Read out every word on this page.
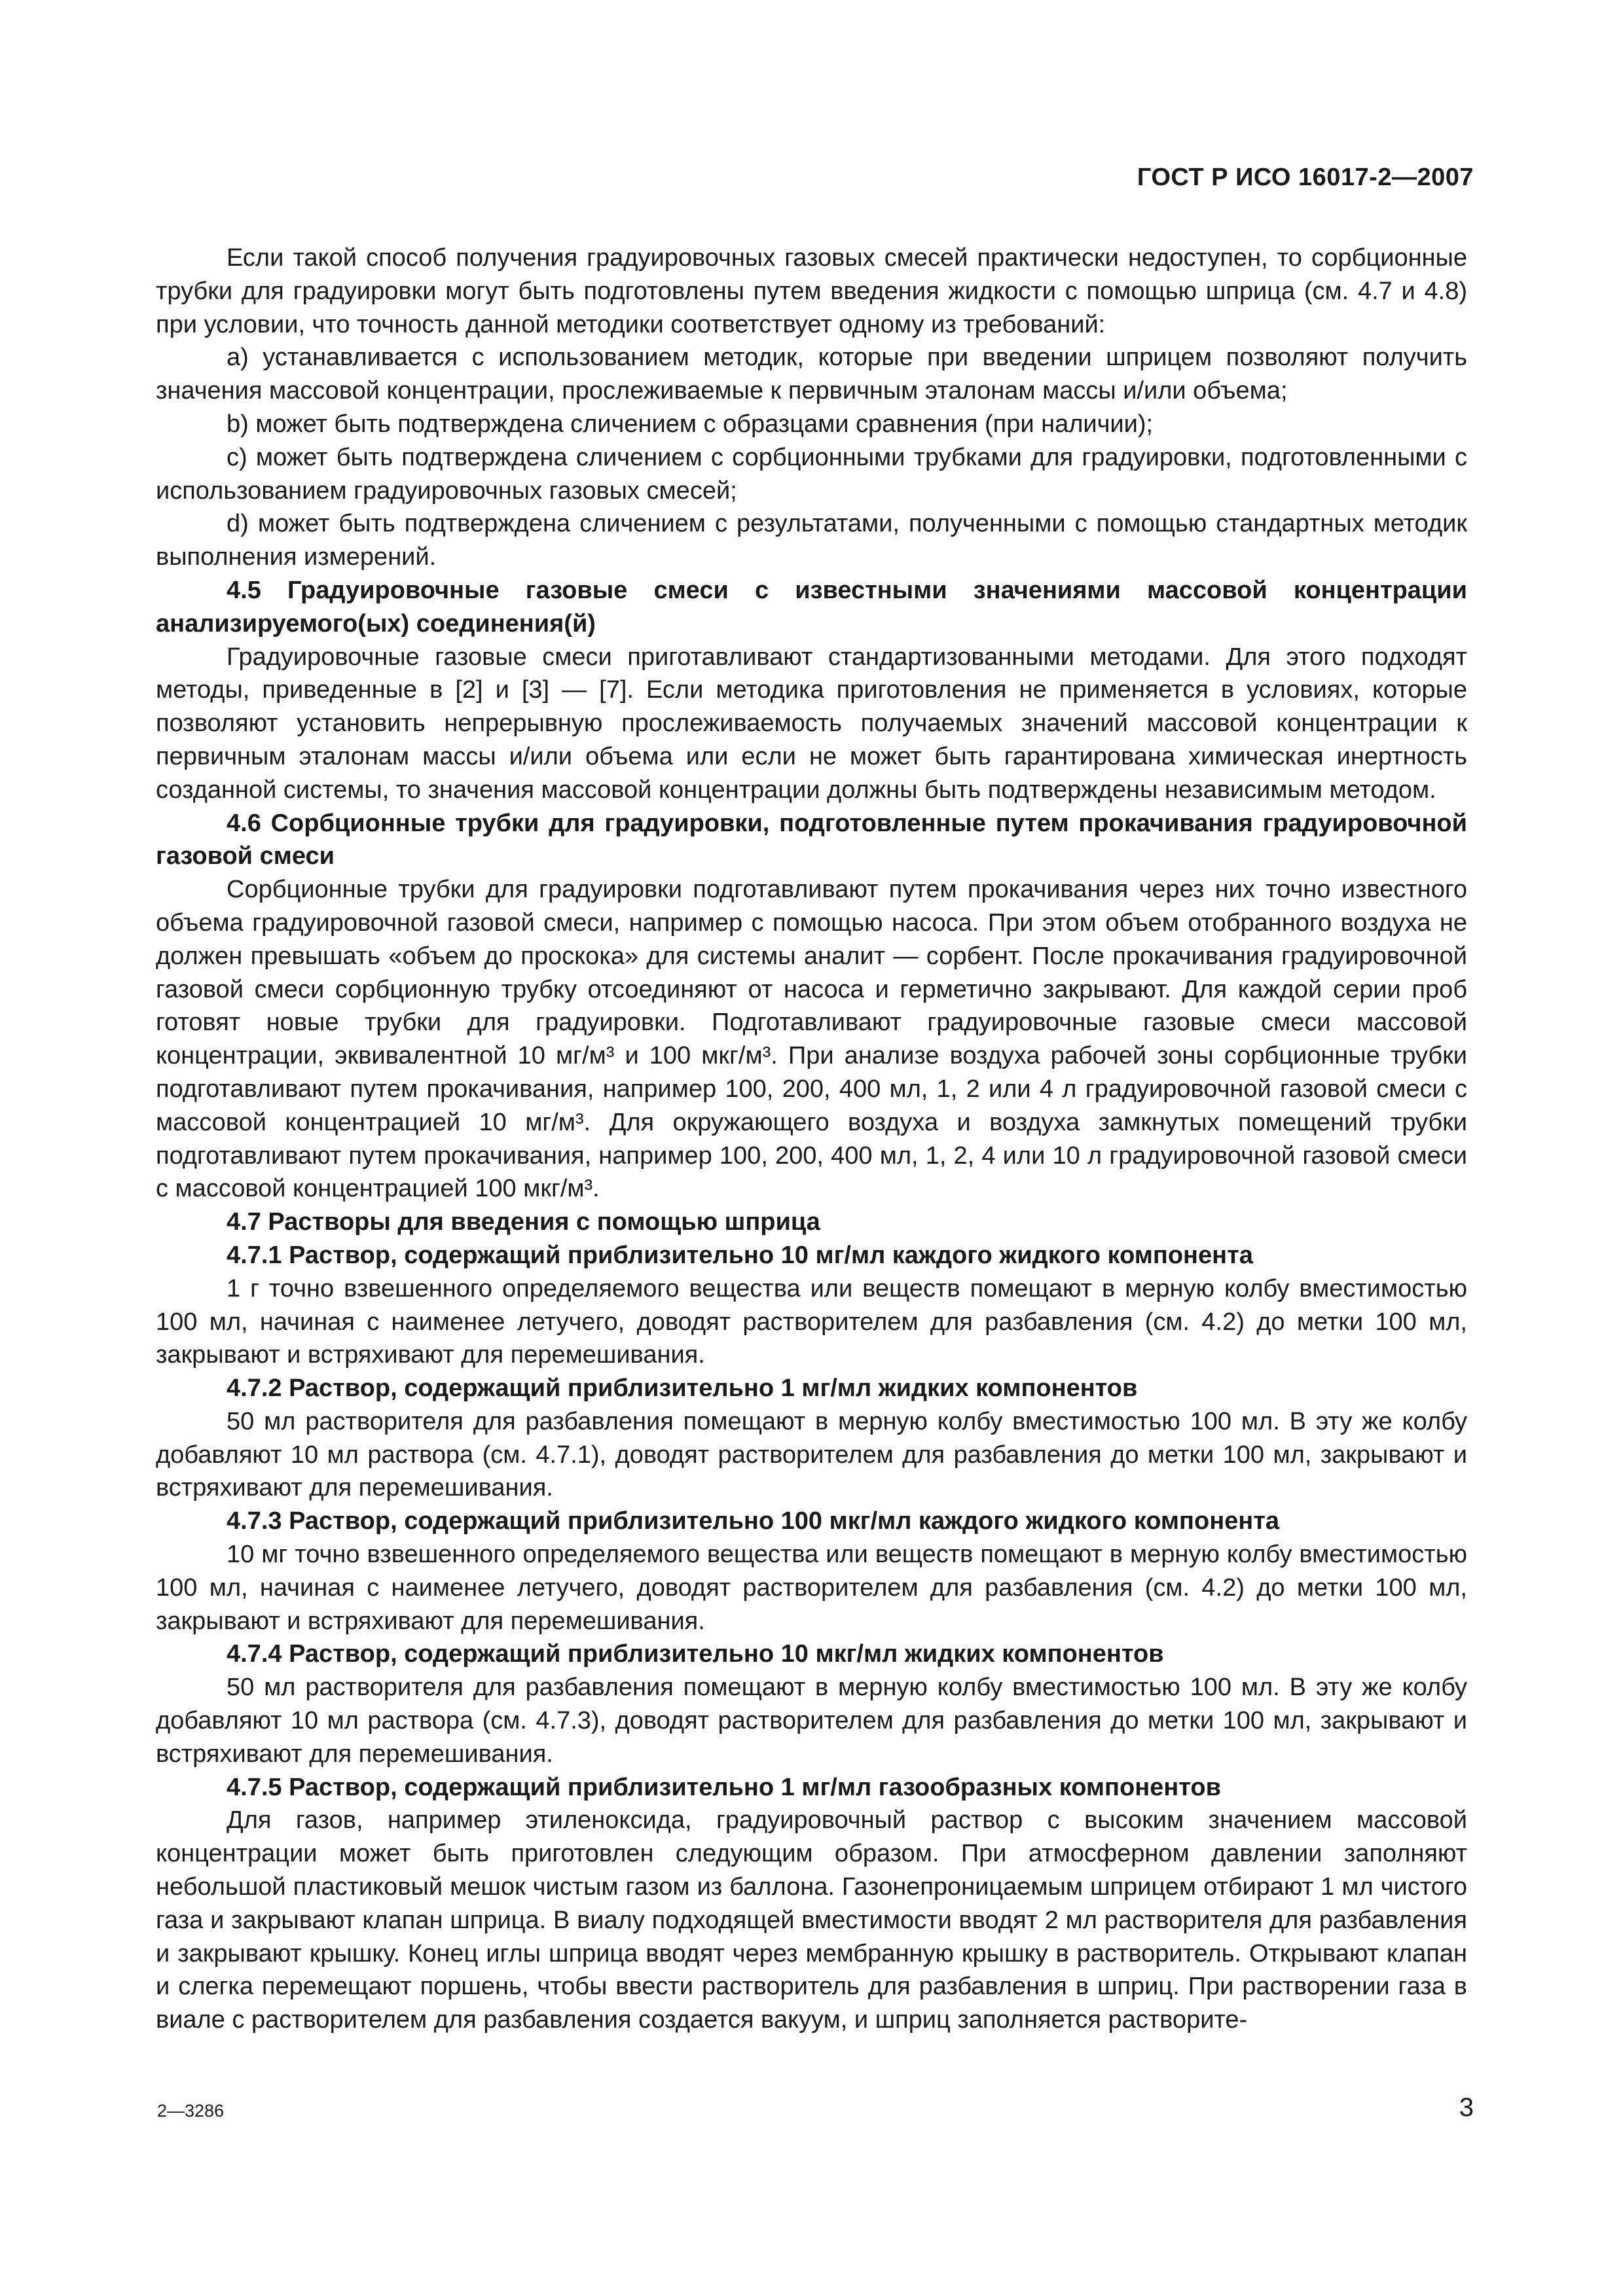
ГОСТ Р ИСО 16017-2—2007

Если такой способ получения градуировочных газовых смесей практически недоступен, то сорбционные трубки для градуировки могут быть подготовлены путем введения жидкости с помощью шприца (см. 4.7 и 4.8) при условии, что точность данной методики соответствует одному из требований:

a) устанавливается с использованием методик, которые при введении шприцем позволяют получить значения массовой концентрации, прослеживаемые к первичным эталонам массы и/или объема;

b) может быть подтверждена сличением с образцами сравнения (при наличии);

c) может быть подтверждена сличением с сорбционными трубками для градуировки, подготовленными с использованием градуировочных газовых смесей;

d) может быть подтверждена сличением с результатами, полученными с помощью стандартных методик выполнения измерений.

4.5 Градуировочные газовые смеси с известными значениями массовой концентрации анализируемого(ых) соединения(й)

Градуировочные газовые смеси приготавливают стандартизованными методами. Для этого подходят методы, приведенные в [2] и [3] — [7]. Если методика приготовления не применяется в условиях, которые позволяют установить непрерывную прослеживаемость получаемых значений массовой концентрации к первичным эталонам массы и/или объема или если не может быть гарантирована химическая инертность созданной системы, то значения массовой концентрации должны быть подтверждены независимым методом.

4.6 Сорбционные трубки для градуировки, подготовленные путем прокачивания градуировочной газовой смеси

Сорбционные трубки для градуировки подготавливают путем прокачивания через них точно известного объема градуировочной газовой смеси, например с помощью насоса. При этом объем отобранного воздуха не должен превышать «объем до проскока» для системы аналит — сорбент. После прокачивания градуировочной газовой смеси сорбционную трубку отсоединяют от насоса и герметично закрывают. Для каждой серии проб готовят новые трубки для градуировки. Подготавливают градуировочные газовые смеси массовой концентрации, эквивалентной 10 мг/м³ и 100 мкг/м³. При анализе воздуха рабочей зоны сорбционные трубки подготавливают путем прокачивания, например 100, 200, 400 мл, 1, 2 или 4 л градуировочной газовой смеси с массовой концентрацией 10 мг/м³. Для окружающего воздуха и воздуха замкнутых помещений трубки подготавливают путем прокачивания, например 100, 200, 400 мл, 1, 2, 4 или 10 л градуировочной газовой смеси с массовой концентрацией 100 мкг/м³.

4.7 Растворы для введения с помощью шприца

4.7.1 Раствор, содержащий приблизительно 10 мг/мл каждого жидкого компонента

1 г точно взвешенного определяемого вещества или веществ помещают в мерную колбу вместимостью 100 мл, начиная с наименее летучего, доводят растворителем для разбавления (см. 4.2) до метки 100 мл, закрывают и встряхивают для перемешивания.

4.7.2 Раствор, содержащий приблизительно 1 мг/мл жидких компонентов

50 мл растворителя для разбавления помещают в мерную колбу вместимостью 100 мл. В эту же колбу добавляют 10 мл раствора (см. 4.7.1), доводят растворителем для разбавления до метки 100 мл, закрывают и встряхивают для перемешивания.

4.7.3 Раствор, содержащий приблизительно 100 мкг/мл каждого жидкого компонента

10 мг точно взвешенного определяемого вещества или веществ помещают в мерную колбу вместимостью 100 мл, начиная с наименее летучего, доводят растворителем для разбавления (см. 4.2) до метки 100 мл, закрывают и встряхивают для перемешивания.

4.7.4 Раствор, содержащий приблизительно 10 мкг/мл жидких компонентов

50 мл растворителя для разбавления помещают в мерную колбу вместимостью 100 мл. В эту же колбу добавляют 10 мл раствора (см. 4.7.3), доводят растворителем для разбавления до метки 100 мл, закрывают и встряхивают для перемешивания.

4.7.5 Раствор, содержащий приблизительно 1 мг/мл газообразных компонентов

Для газов, например этиленоксида, градуировочный раствор с высоким значением массовой концентрации может быть приготовлен следующим образом. При атмосферном давлении заполняют небольшой пластиковый мешок чистым газом из баллона. Газонепроницаемым шприцем отбирают 1 мл чистого газа и закрывают клапан шприца. В виалу подходящей вместимости вводят 2 мл растворителя для разбавления и закрывают крышку. Конец иглы шприца вводят через мембранную крышку в растворитель. Открывают клапан и слегка перемещают поршень, чтобы ввести растворитель для разбавления в шприц. При растворении газа в виале с растворителем для разбавления создается вакуум, и шприц заполняется растворите-

2—3286	3
